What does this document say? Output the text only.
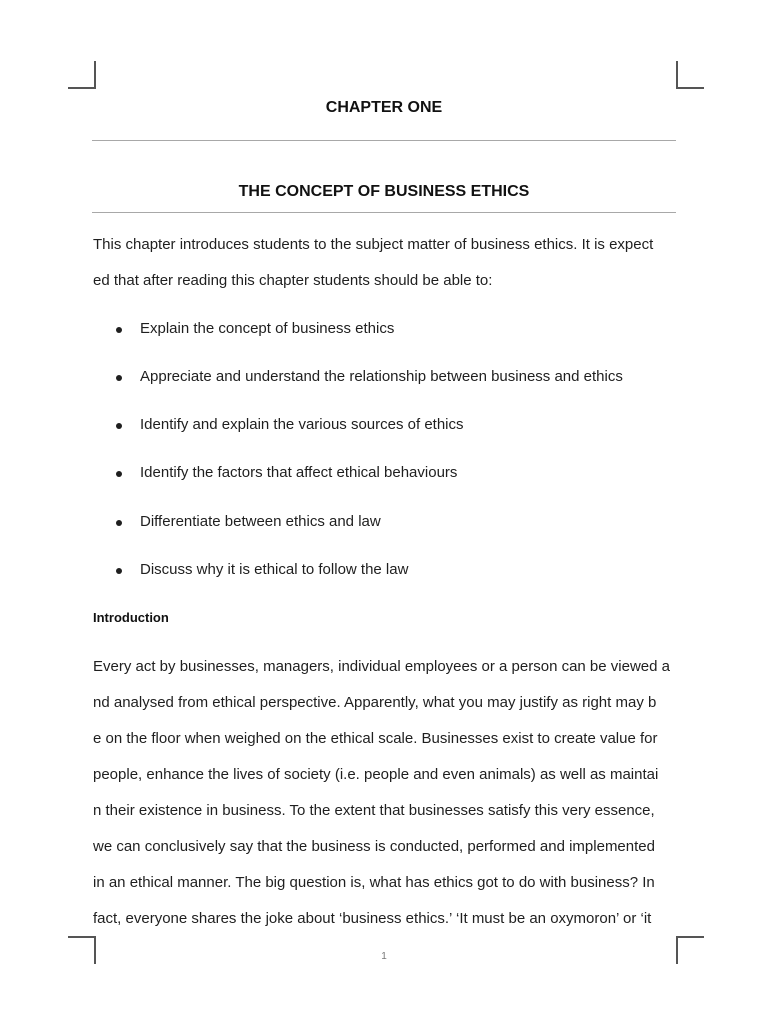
CHAPTER ONE
THE CONCEPT OF BUSINESS ETHICS
This chapter introduces students to the subject matter of business ethics. It is expect
ed that after reading this chapter students should be able to:
Explain the concept of business ethics
Appreciate and understand the relationship between business and ethics
Identify and explain the various sources of ethics
Identify the factors that affect ethical behaviours
Differentiate between ethics and law
Discuss why it is ethical to follow the law
Introduction
Every act by businesses, managers, individual employees or a person can be viewed a
nd analysed from ethical perspective. Apparently, what you may justify as right may b
e on the floor when weighed on the ethical scale. Businesses exist to create value for
people, enhance the lives of society (i.e. people and even animals) as well as maintai
n their existence in business. To the extent that businesses satisfy this very essence,
we can conclusively say that the business is conducted, performed and implemented
in an ethical manner. The big question is, what has ethics got to do with business? In
fact, everyone shares the joke about ‘business ethics.’ ‘It must be an oxymoron’ or ‘it
1
